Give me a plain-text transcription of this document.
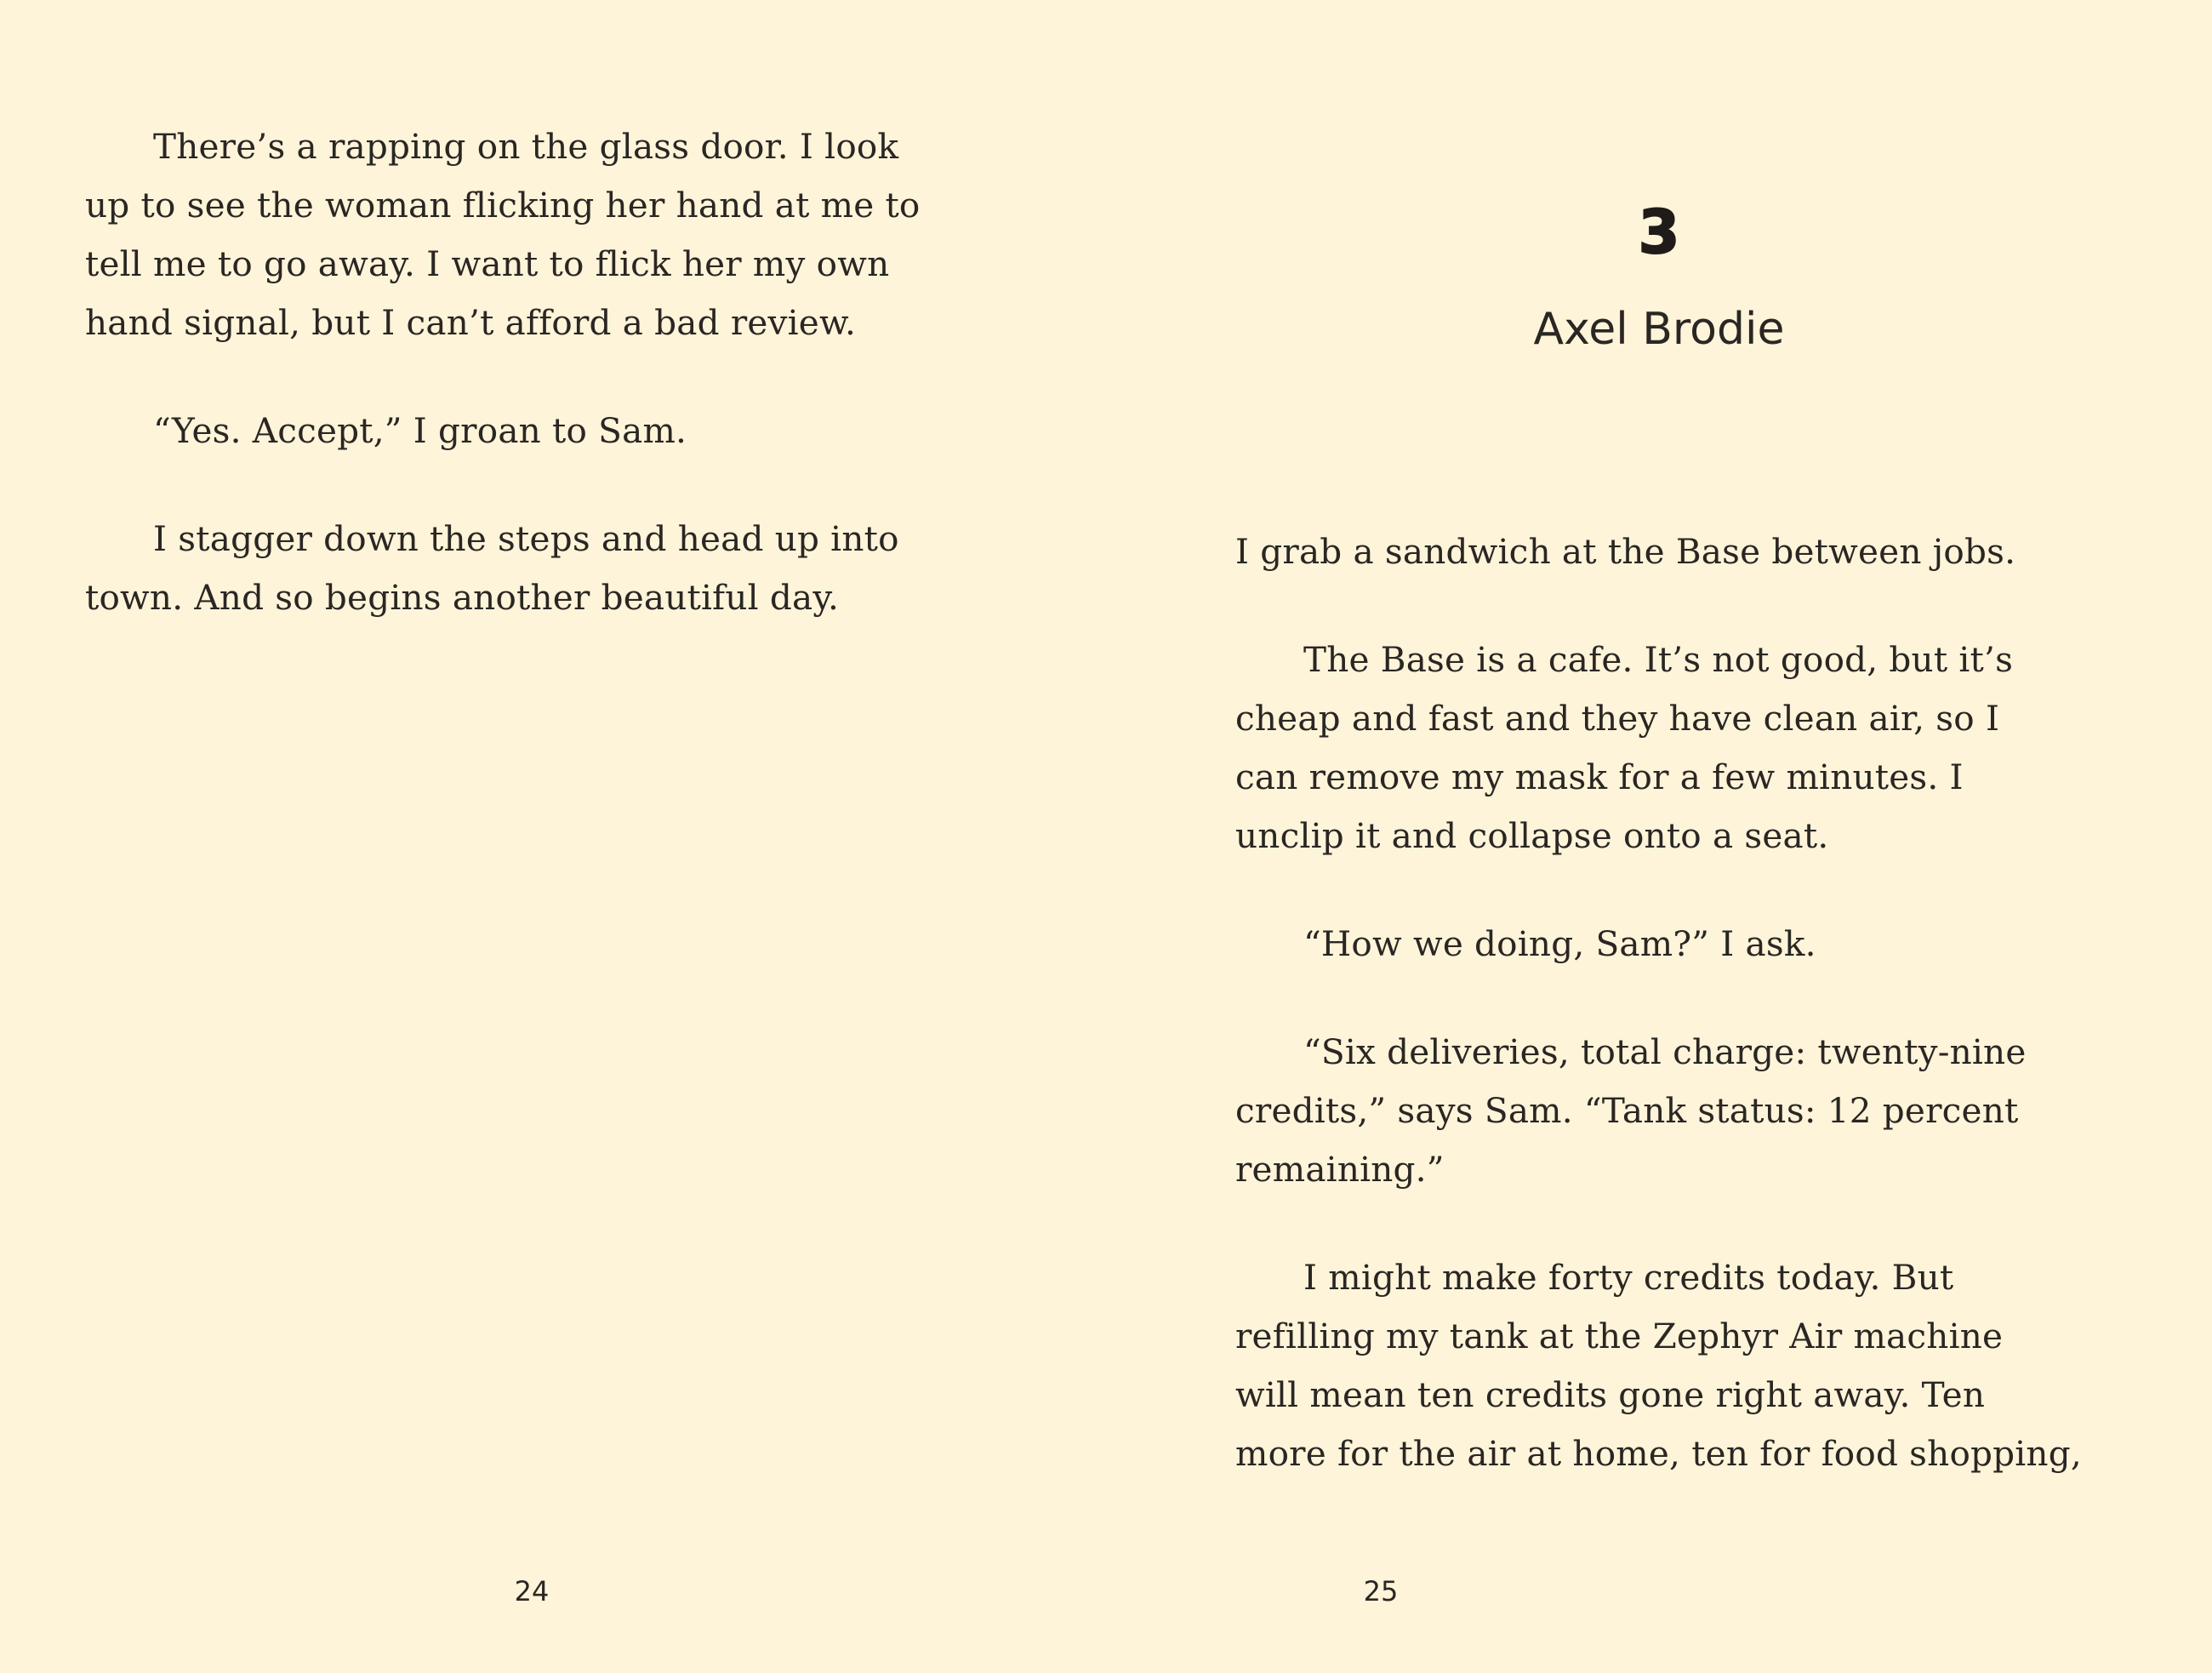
There’s a rapping on the glass door. I look
up to see the woman flicking her hand at me to
tell me to go away. I want to flick her my own
hand signal, but I can’t afford a bad review.

“Yes. Accept,” I groan to Sam.

I stagger down the steps and head up into
town. And so begins another beautiful day.

24
3
Axel Brodie

I grab a sandwich at the Base between jobs.

The Base is a cafe. It’s not good, but it’s
cheap and fast and they have clean air, so I
can remove my mask for a few minutes. I
unclip it and collapse onto a seat.

“How we doing, Sam?” I ask.

“Six deliveries, total charge: twenty-nine
credits,” says Sam. “Tank status: 12 percent
remaining.”

I might make forty credits today. But
refilling my tank at the Zephyr Air machine
will mean ten credits gone right away. Ten
more for the air at home, ten for food shopping,

25
